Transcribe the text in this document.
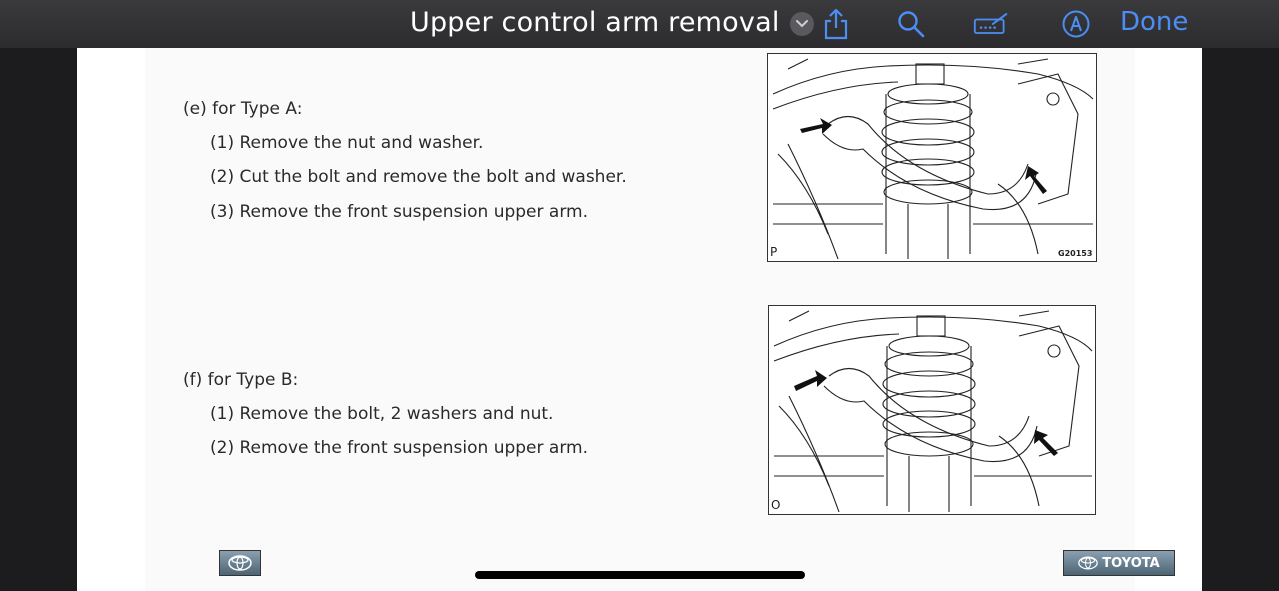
Upper control arm removal	Done
(e) for Type A:
(1) Remove the nut and washer.
(2) Cut the bolt and remove the bolt and washer.
(3) Remove the front suspension upper arm.
P	G20153
(f) for Type B:
(1) Remove the bolt, 2 washers and nut.
(2) Remove the front suspension upper arm.
O
TOYOTA
